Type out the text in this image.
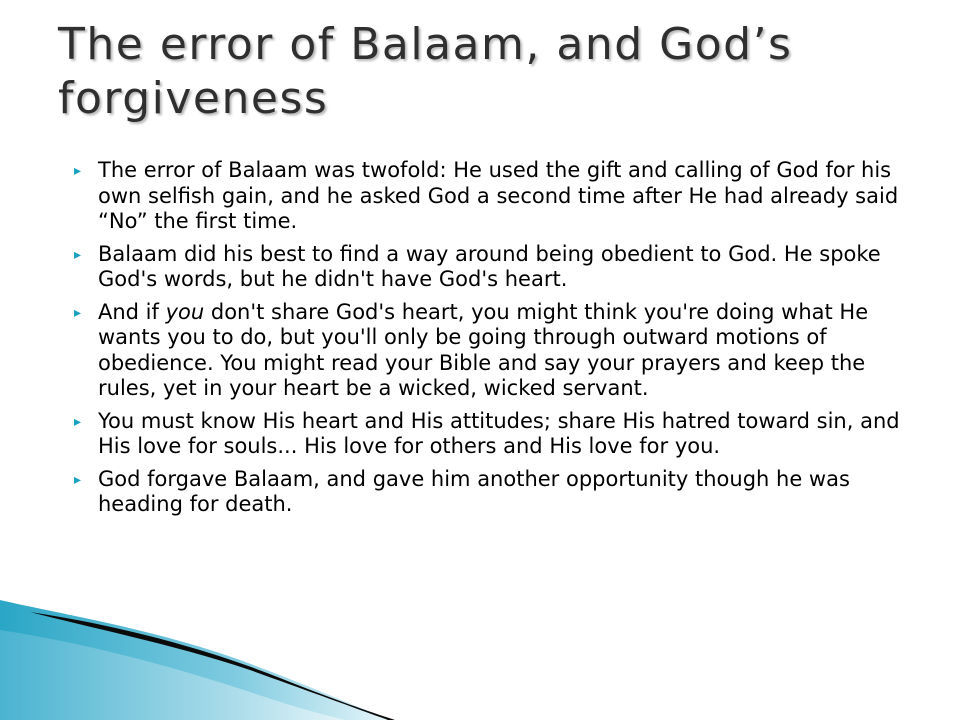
The error of Balaam, and God’s forgiveness
▸ The error of Balaam was twofold: He used the gift and calling of God for his own selfish gain, and he asked God a second time after He had already said “No” the first time.
▸ Balaam did his best to find a way around being obedient to God. He spoke God's words, but he didn't have God's heart.
▸ And if you don't share God's heart, you might think you're doing what He wants you to do, but you'll only be going through outward motions of obedience. You might read your Bible and say your prayers and keep the rules, yet in your heart be a wicked, wicked servant.
▸ You must know His heart and His attitudes; share His hatred toward sin, and His love for souls... His love for others and His love for you.
▸ God forgave Balaam, and gave him another opportunity though he was heading for death.
